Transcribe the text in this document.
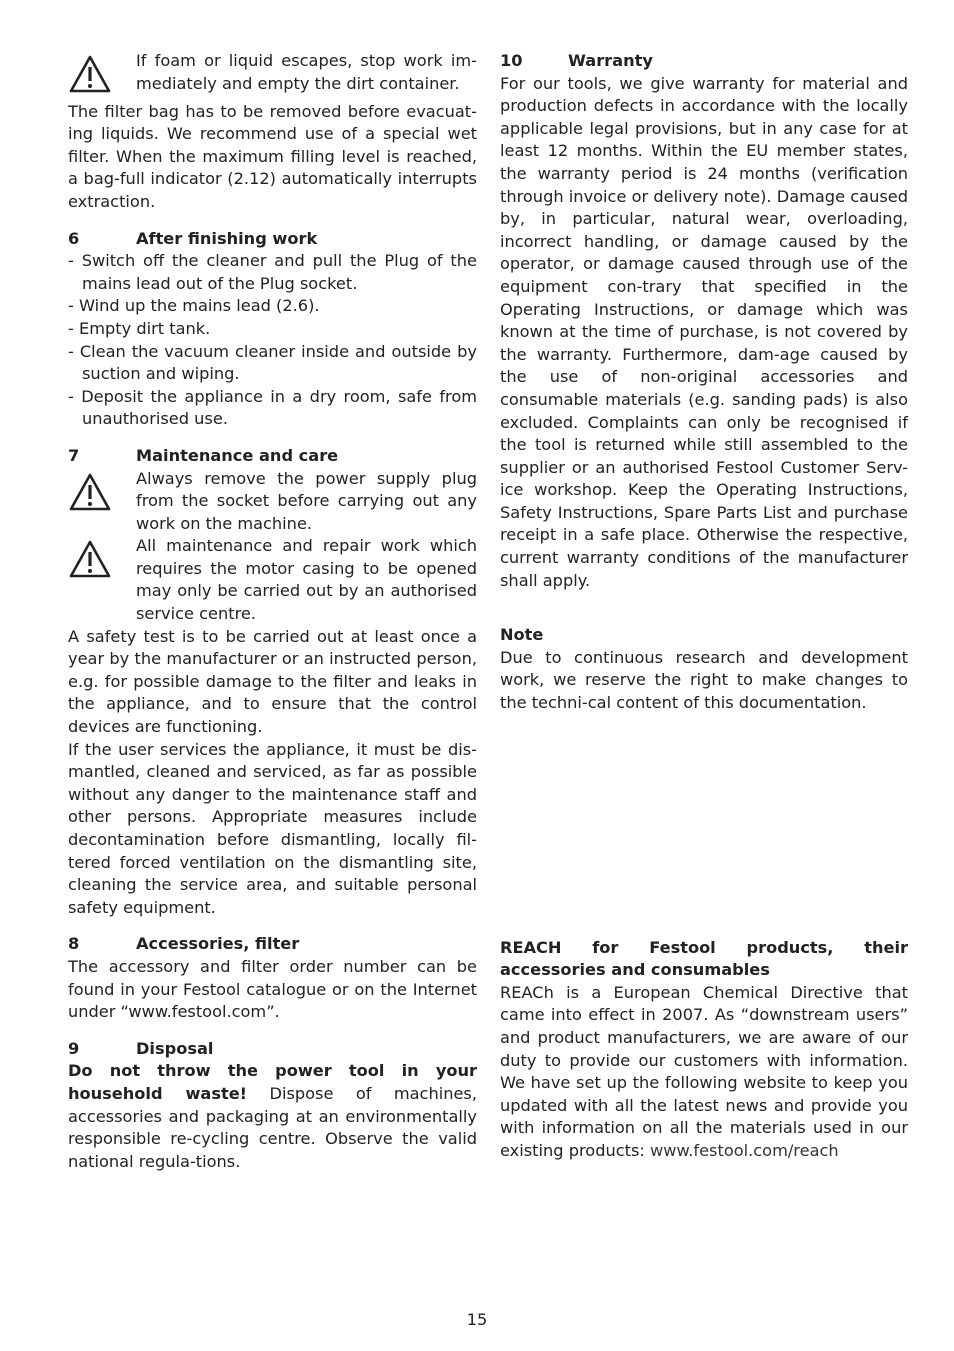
If foam or liquid escapes, stop work im-mediately and empty the dirt container.

The filter bag has to be removed before evacuat-ing liquids. We recommend use of a special wet filter. When the maximum filling level is reached, a bag-full indicator (2.12) automatically interrupts extraction.

6	After finishing work
- Switch off the cleaner and pull the Plug of the mains lead out of the Plug socket.
- Wind up the mains lead (2.6).
- Empty dirt tank.
- Clean the vacuum cleaner inside and outside by suction and wiping.
- Deposit the appliance in a dry room, safe from unauthorised use.
7	Maintenance and care
Always remove the power supply plug from the socket before carrying out any work on the machine.
All maintenance and repair work which requires the motor casing to be opened may only be carried out by an authorised service centre.

A safety test is to be carried out at least once a year by the manufacturer or an instructed person, e.g. for possible damage to the filter and leaks in the appliance, and to ensure that the control devices are functioning.

If the user services the appliance, it must be dis-mantled, cleaned and serviced, as far as possible without any danger to the maintenance staff and other persons. Appropriate measures include decontamination before dismantling, locally fil-tered forced ventilation on the dismantling site, cleaning the service area, and suitable personal safety equipment.

8	Accessories, filter

The accessory and filter order number can be found in your Festool catalogue or on the Internet under “www.festool.com”.

9	Disposal

Do not throw the power tool in your household waste! Dispose of machines, accessories and packaging at an environmentally responsible re-cycling centre. Observe the valid national regula-tions.

10	Warranty

For our tools, we give warranty for material and production defects in accordance with the locally applicable legal provisions, but in any case for at least 12 months. Within the EU member states, the warranty period is 24 months (verification through invoice or delivery note). Damage caused by, in particular, natural wear, overloading, incorrect handling, or damage caused by the operator, or damage caused through use of the equipment con-trary that specified in the Operating Instructions, or damage which was known at the time of purchase, is not covered by the warranty. Furthermore, dam-age caused by the use of non-original accessories and consumable materials (e.g. sanding pads) is also excluded. Complaints can only be recognised if the tool is returned while still assembled to the supplier or an authorised Festool Customer Serv-ice workshop. Keep the Operating Instructions, Safety Instructions, Spare Parts List and purchase receipt in a safe place. Otherwise the respective, current warranty conditions of the manufacturer shall apply.

Note

Due to continuous research and development work, we reserve the right to make changes to the techni-cal content of this documentation.

REACH for Festool products, their accessories and consumables

REACh is a European Chemical Directive that came into effect in 2007. As “downstream users” and product manufacturers, we are aware of our duty to provide our customers with information. We have set up the following website to keep you updated with all the latest news and provide you with information on all the materials used in our existing products: www.festool.com/reach

15
